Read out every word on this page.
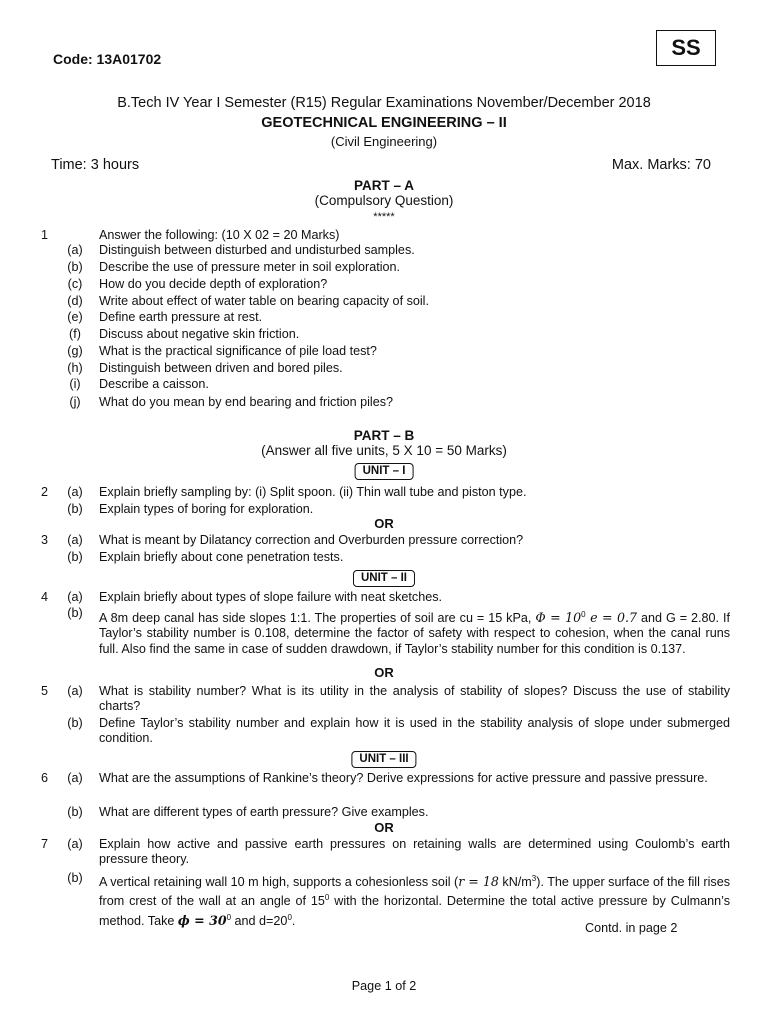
Code: 13A01702	SS
B.Tech IV Year I Semester (R15) Regular Examinations November/December 2018
GEOTECHNICAL ENGINEERING – II
(Civil Engineering)
Time: 3 hours	Max. Marks: 70
PART – A
(Compulsory Question)
*****
1	Answer the following: (10 X 02 = 20 Marks)
(a)	Distinguish between disturbed and undisturbed samples.
(b)	Describe the use of pressure meter in soil exploration.
(c)	How do you decide depth of exploration?
(d)	Write about effect of water table on bearing capacity of soil.
(e)	Define earth pressure at rest.
(f)	Discuss about negative skin friction.
(g)	What is the practical significance of pile load test?
(h)	Distinguish between driven and bored piles.
(i)	Describe a caisson.
(j)	What do you mean by end bearing and friction piles?
PART – B
(Answer all five units, 5 X 10 = 50 Marks)
UNIT – I
2	(a)	Explain briefly sampling by: (i) Split spoon. (ii) Thin wall tube and piston type.
(b)	Explain types of boring for exploration.
OR
3	(a)	What is meant by Dilatancy correction and Overburden pressure correction?
(b)	Explain briefly about cone penetration tests.
UNIT – II
4	(a)	Explain briefly about types of slope failure with neat sketches.
(b)	A 8m deep canal has side slopes 1:1. The properties of soil are cu = 15 kPa, $\Phi = 10^0$ e = 0.7 and G = 2.80. If Taylor’s stability number is 0.108, determine the factor of safety with respect to cohesion, when the canal runs full. Also find the same in case of sudden drawdown, if Taylor’s stability number for this condition is 0.137.
OR
5	(a)	What is stability number? What is its utility in the analysis of stability of slopes? Discuss the use of stability charts?
(b)	Define Taylor’s stability number and explain how it is used in the stability analysis of slope under submerged condition.
UNIT – III
6	(a)	What are the assumptions of Rankine’s theory? Derive expressions for active pressure and passive pressure.
(b)	What are different types of earth pressure? Give examples.
OR
7	(a)	Explain how active and passive earth pressures on retaining walls are determined using Coulomb’s earth pressure theory.
(b)	A vertical retaining wall 10 m high, supports a cohesionless soil (r = 18 $kN/m^3$). The upper surface of the fill rises from crest of the wall at an angle of $15^0$ with the horizontal. Determine the total active pressure by Culmann’s method. Take $\phi = 30^0$ and $d=20^0$.
Contd. in page 2
Page 1 of 2
